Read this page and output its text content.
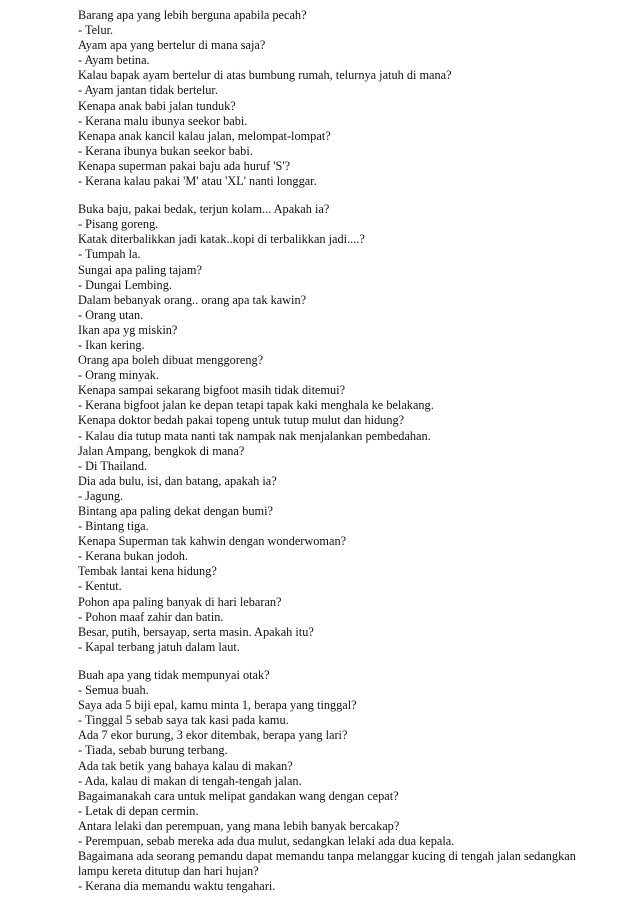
Barang apa yang lebih berguna apabila pecah?
- Telur.
Ayam apa yang bertelur di mana saja?
- Ayam betina.
Kalau bapak ayam bertelur di atas bumbung rumah, telurnya jatuh di mana?
- Ayam jantan tidak bertelur.
Kenapa anak babi jalan tunduk?
- Kerana malu ibunya seekor babi.
Kenapa anak kancil kalau jalan, melompat-lompat?
- Kerana ibunya bukan seekor babi.
Kenapa superman pakai baju ada huruf 'S'?
- Kerana kalau pakai 'M' atau 'XL' nanti longgar.
Buka baju, pakai bedak, terjun kolam... Apakah ia?
- Pisang goreng.
Katak diterbalikkan jadi katak..kopi di terbalikkan jadi....?
- Tumpah la.
Sungai apa paling tajam?
- Dungai Lembing.
Dalam bebanyak orang.. orang apa tak kawin?
- Orang utan.
Ikan apa yg miskin?
- Ikan kering.
Orang apa boleh dibuat menggoreng?
- Orang minyak.
Kenapa sampai sekarang bigfoot masih tidak ditemui?
- Kerana bigfoot jalan ke depan tetapi tapak kaki menghala ke belakang.
Kenapa doktor bedah pakai topeng untuk tutup mulut dan hidung?
- Kalau dia tutup mata nanti tak nampak nak menjalankan pembedahan.
Jalan Ampang, bengkok di mana?
- Di Thailand.
Dia ada bulu, isi, dan batang, apakah ia?
- Jagung.
Bintang apa paling dekat dengan bumi?
- Bintang tiga.
Kenapa Superman tak kahwin dengan wonderwoman?
- Kerana bukan jodoh.
Tembak lantai kena hidung?
- Kentut.
Pohon apa paling banyak di hari lebaran?
- Pohon maaf zahir dan batin.
Besar, putih, bersayap, serta masin. Apakah itu?
- Kapal terbang jatuh dalam laut.
Buah apa yang tidak mempunyai otak?
- Semua buah.
Saya ada 5 biji epal, kamu minta 1, berapa yang tinggal?
- Tinggal 5 sebab saya tak kasi pada kamu.
Ada 7 ekor burung, 3 ekor ditembak, berapa yang lari?
- Tiada, sebab burung terbang.
Ada tak betik yang bahaya kalau di makan?
- Ada, kalau di makan di tengah-tengah jalan.
Bagaimanakah cara untuk melipat gandakan wang dengan cepat?
- Letak di depan cermin.
Antara lelaki dan perempuan, yang mana lebih banyak bercakap?
- Perempuan, sebab mereka ada dua mulut, sedangkan lelaki ada dua kepala.
Bagaimana ada seorang pemandu dapat memandu tanpa melanggar kucing di tengah jalan sedangkan lampu kereta ditutup dan hari hujan?
- Kerana dia memandu waktu tengahari.
